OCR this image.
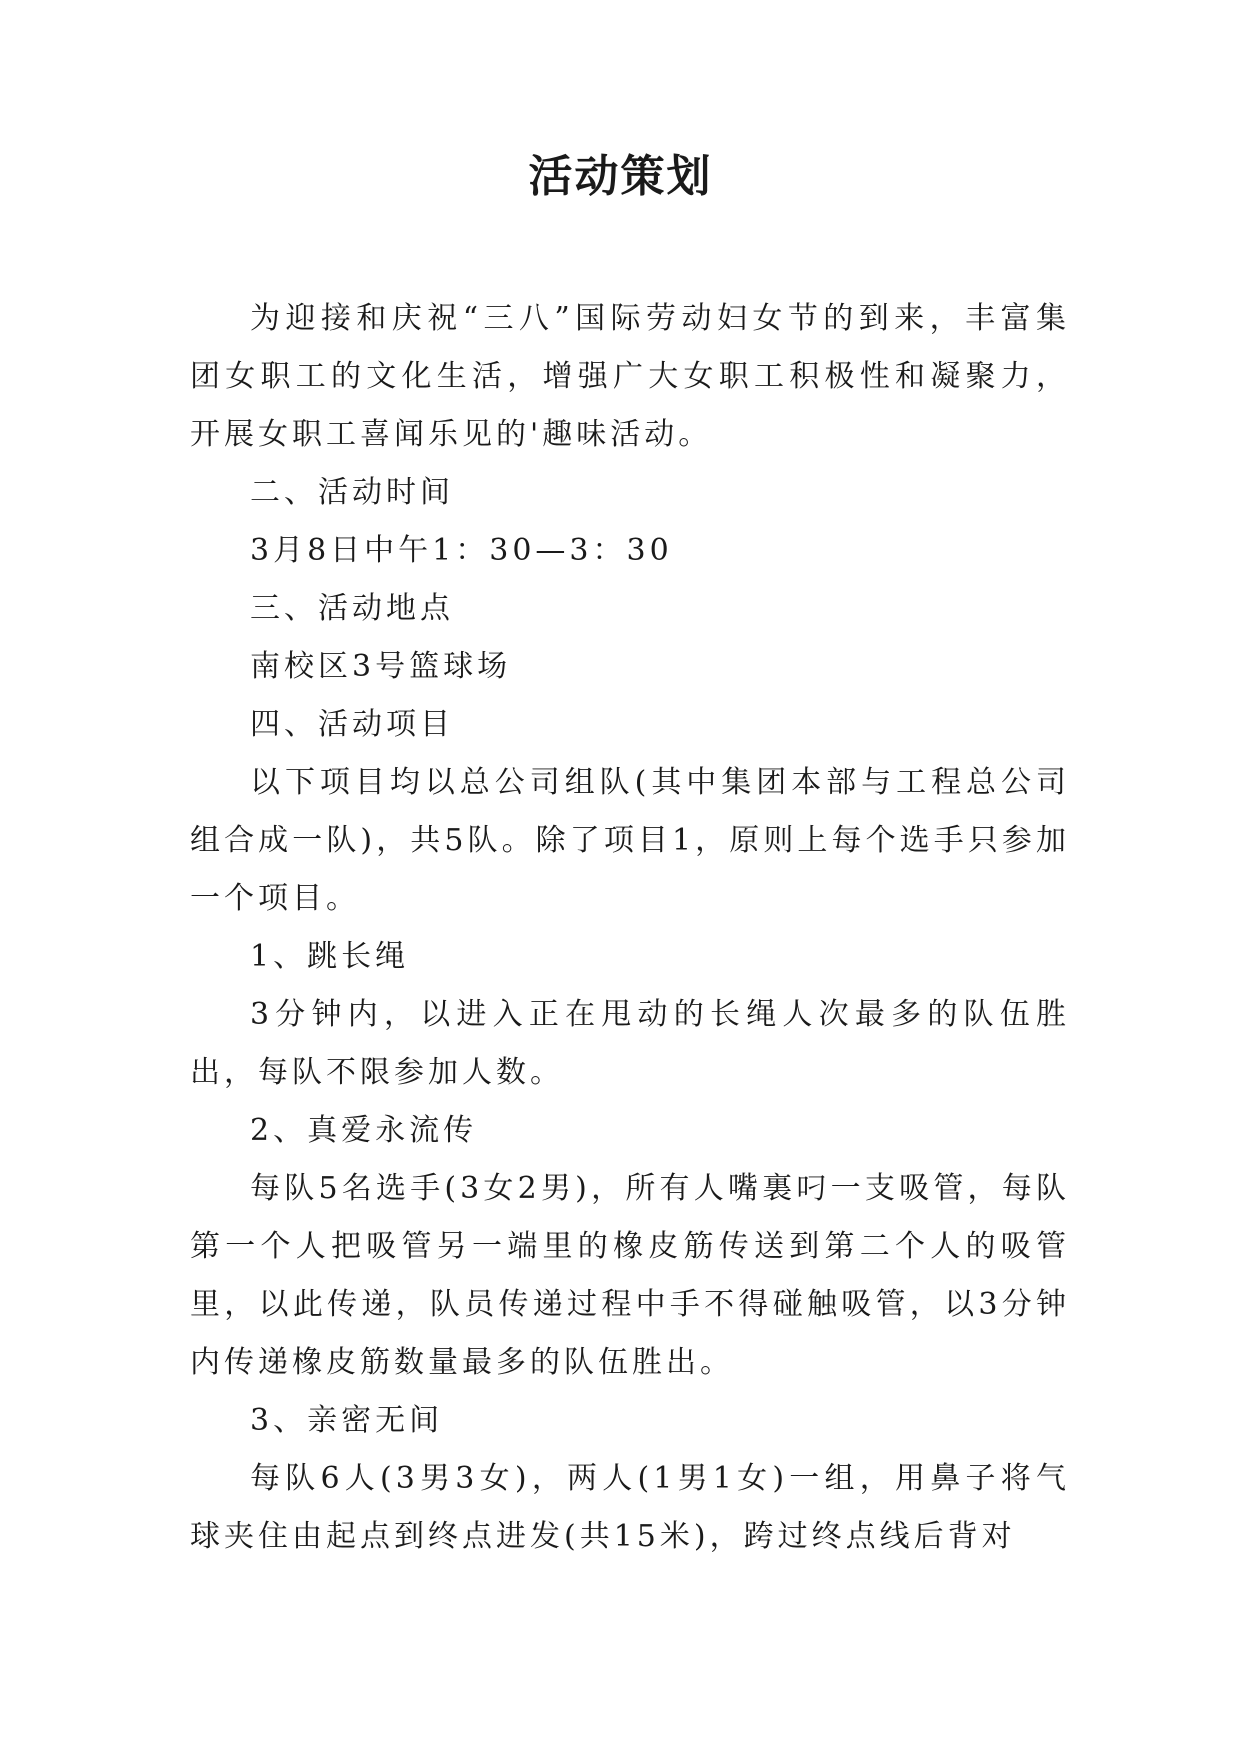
活动策划

为迎接和庆祝“三八”国际劳动妇女节的到来，丰富集团女职工的文化生活，增强广大女职工积极性和凝聚力，开展女职工喜闻乐见的'趣味活动。

二、活动时间

3月8日中午1：30—3：30

三、活动地点

南校区3号篮球场

四、活动项目

以下项目均以总公司组队(其中集团本部与工程总公司组合成一队)，共5队。除了项目1，原则上每个选手只参加一个项目。

1、跳长绳

3分钟内，以进入正在甩动的长绳人次最多的队伍胜出，每队不限参加人数。

2、真爱永流传

每队5名选手(3女2男)，所有人嘴裏叼一支吸管，每队第一个人把吸管另一端里的橡皮筋传送到第二个人的吸管里，以此传递，队员传递过程中手不得碰触吸管，以3分钟内传递橡皮筋数量最多的队伍胜出。

3、亲密无间

每队6人(3男3女)，两人(1男1女)一组，用鼻子将气球夹住由起点到终点进发(共15米)，跨过终点线后背对
